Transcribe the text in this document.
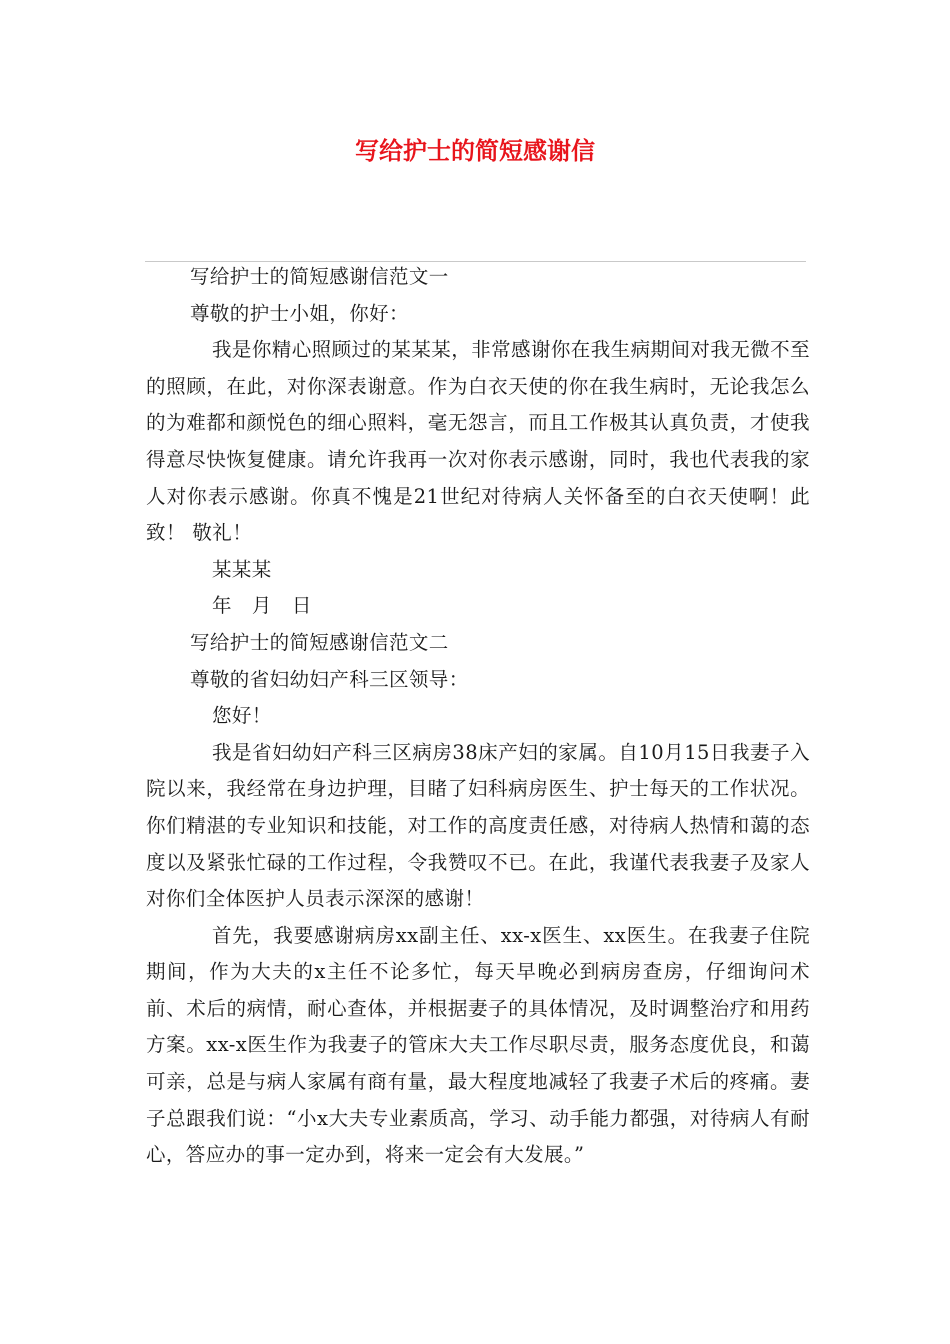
写给护士的简短感谢信

写给护士的简短感谢信范文一

尊敬的护士小姐，你好：

我是你精心照顾过的某某某，非常感谢你在我生病期间对我无微不至的照顾，在此，对你深表谢意。作为白衣天使的你在我生病时，无论我怎么的为难都和颜悦色的细心照料，毫无怨言，而且工作极其认真负责，才使我得意尽快恢复健康。请允许我再一次对你表示感谢，同时，我也代表我的家人对你表示感谢。你真不愧是21世纪对待病人关怀备至的白衣天使啊！此致！ 敬礼！

某某某

年 月 日

写给护士的简短感谢信范文二

尊敬的省妇幼妇产科三区领导：

您好！

我是省妇幼妇产科三区病房38床产妇的家属。自10月15日我妻子入院以来，我经常在身边护理，目睹了妇科病房医生、护士每天的工作状况。你们精湛的专业知识和技能，对工作的高度责任感，对待病人热情和蔼的态度以及紧张忙碌的工作过程，令我赞叹不已。在此，我谨代表我妻子及家人对你们全体医护人员表示深深的感谢！

首先，我要感谢病房xx副主任、xx-x医生、xx医生。在我妻子住院期间，作为大夫的x主任不论多忙，每天早晚必到病房查房，仔细询问术前、术后的病情，耐心查体，并根据妻子的具体情况，及时调整治疗和用药方案。xx-x医生作为我妻子的管床大夫工作尽职尽责，服务态度优良，和蔼可亲，总是与病人家属有商有量，最大程度地减轻了我妻子术后的疼痛。妻子总跟我们说：“小x大夫专业素质高，学习、动手能力都强，对待病人有耐心，答应办的事一定办到，将来一定会有大发展。”
